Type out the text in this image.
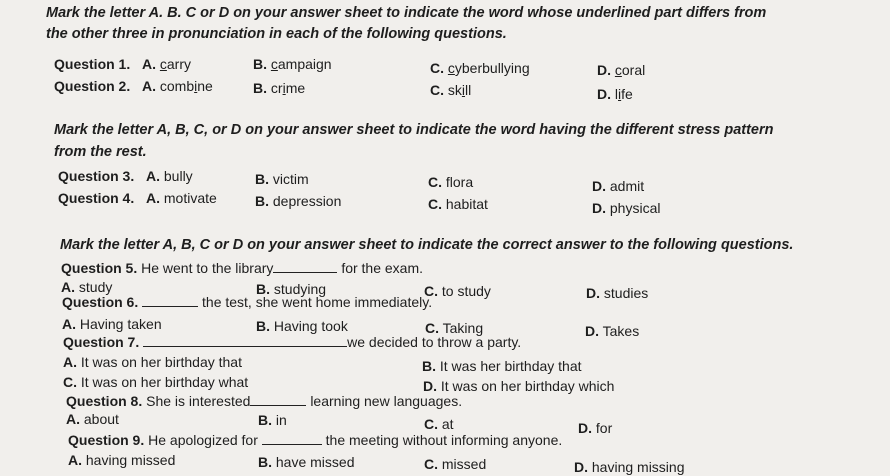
Mark the letter A. B. C or D on your answer sheet to indicate the word whose underlined part differs from
the other three in pronunciation in each of the following questions.
Question 1. A. carry	B. campaign	C. cyberbullying	D. coral
Question 2. A. combine	B. crime	C. skill	D. life
Mark the letter A, B, C, or D on your answer sheet to indicate the word having the different stress pattern
from the rest.
Question 3. A. bully	B. victim	C. flora	D. admit
Question 4. A. motivate	B. depression	C. habitat	D. physical
Mark the letter A, B, C or D on your answer sheet to indicate the correct answer to the following questions.
Question 5. He went to the library	for the exam.
A. study	B. studying	C. to study	D. studies
Question 6.	the test, she went home immediately.
A. Having taken	B. Having took	C. Taking	D. Takes
Question 7.	we decided to throw a party.
A. It was on her birthday that	B. It was her birthday that
C. It was on her birthday what	D. It was on her birthday which
Question 8. She is interested	learning new languages.
A. about	B. in	C. at	D. for
Question 9. He apologized for	the meeting without informing anyone.
A. having missed	B. have missed	C. missed	D. having missing
